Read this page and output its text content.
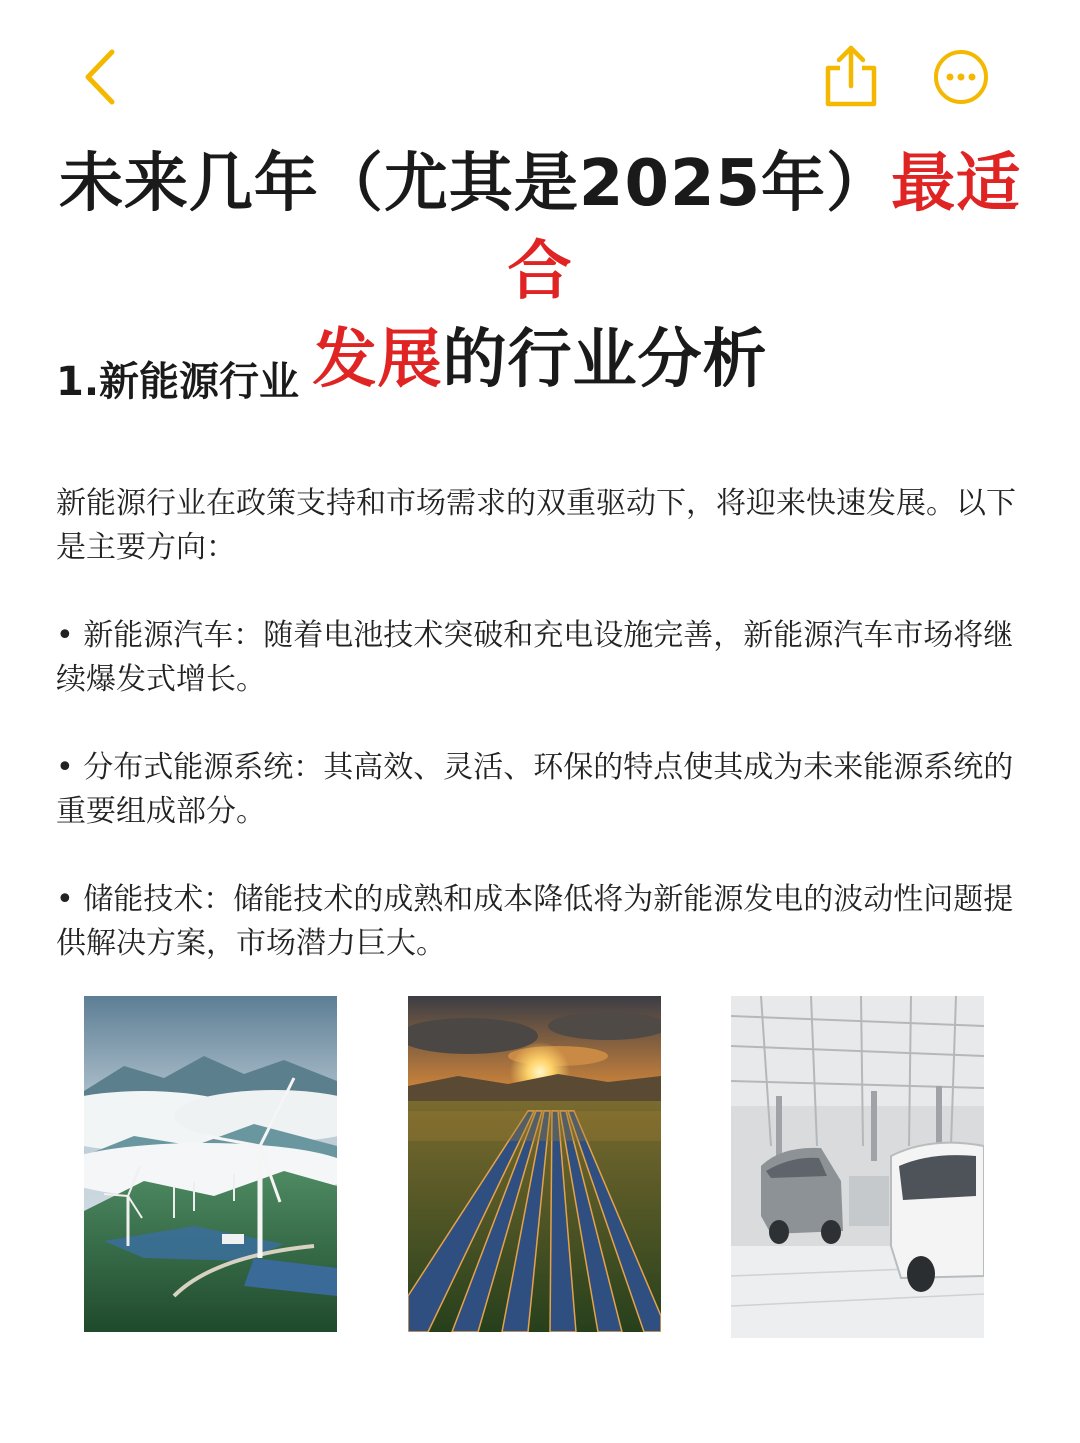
未来几年（尤其是2025年）最适合
发展的行业分析
1.新能源行业

新能源行业在政策支持和市场需求的双重驱动下，将迎来快速发展。以下是主要方向：

• 新能源汽车：随着电池技术突破和充电设施完善，新能源汽车市场将继续爆发式增长。

• 分布式能源系统：其高效、灵活、环保的特点使其成为未来能源系统的重要组成部分。

• 储能技术：储能技术的成熟和成本降低将为新能源发电的波动性问题提供解决方案，市场潜力巨大。
